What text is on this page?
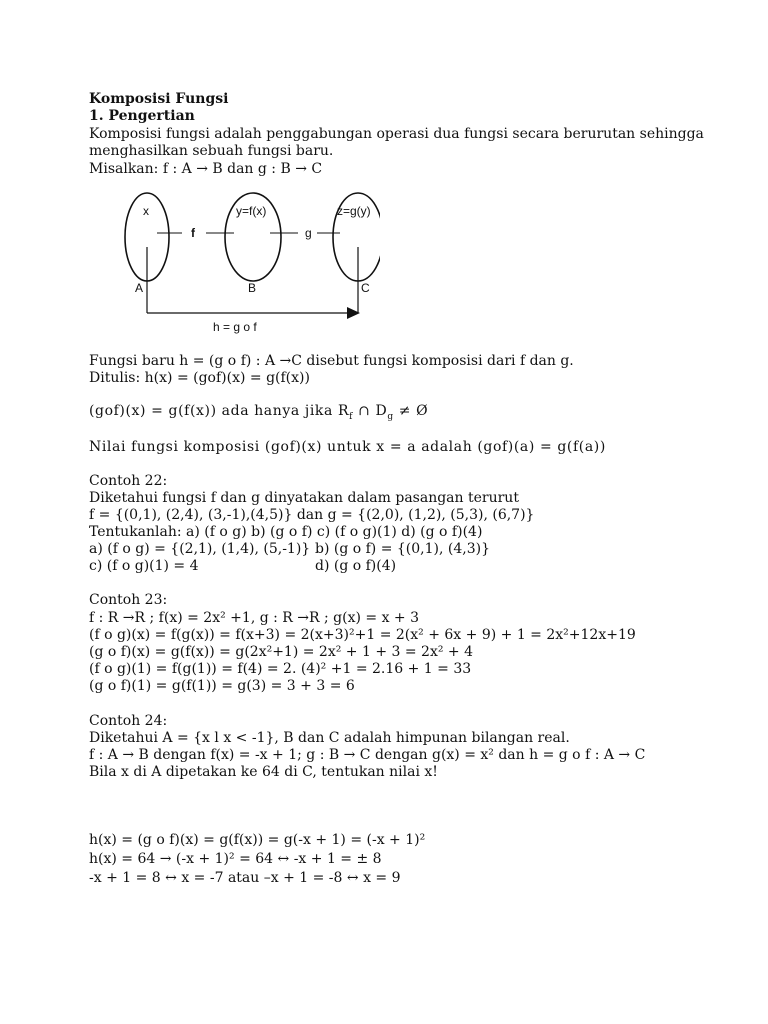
Komposisi Fungsi
1. Pengertian
Komposisi fungsi adalah penggabungan operasi dua fungsi secara berurutan sehingga
menghasilkan sebuah fungsi baru.
Misalkan: f : A → B dan g : B → C
x	y=f(x)	z=g(y)
f	g
A	B	C
h = g o f
Fungsi baru h = (g o f) : A →C disebut fungsi komposisi dari f dan g.
Ditulis: h(x) = (gof)(x) = g(f(x))
(gof)(x) = g(f(x)) ada hanya jika $R_f$ ∩ $D_g$ ≠ Ø
Nilai fungsi komposisi (gof)(x) untuk x = a adalah (gof)(a) = g(f(a))
Contoh 22:
Diketahui fungsi f dan g dinyatakan dalam pasangan terurut
f = {(0,1), (2,4), (3,-1),(4,5)} dan g = {(2,0), (1,2), (5,3), (6,7)}
Tentukanlah: a) (f o g) b) (g o f) c) (f o g)(1) d) (g o f)(4)
a) (f o g) = {(2,1), (1,4), (5,-1)} b) (g o f) = {(0,1), (4,3)}
c) (f o g)(1) = 4	d) (g o f)(4)
Contoh 23:
f : R →R ; f(x) = 2x² +1, g : R →R ; g(x) = x + 3
(f o g)(x) = f(g(x)) = f(x+3) = 2(x+3)²+1 = 2(x² + 6x + 9) + 1 = 2x²+12x+19
(g o f)(x) = g(f(x)) = g(2x²+1) = 2x² + 1 + 3 = 2x² + 4
(f o g)(1) = f(g(1)) = f(4) = 2. (4)² +1 = 2.16 + 1 = 33
(g o f)(1) = g(f(1)) = g(3) = 3 + 3 = 6
Contoh 24:
Diketahui A = {x l x < -1}, B dan C adalah himpunan bilangan real.
f : A → B dengan f(x) = -x + 1; g : B → C dengan g(x) = x² dan h = g o f : A → C
Bila x di A dipetakan ke 64 di C, tentukan nilai x!
h(x) = (g o f)(x) = g(f(x)) = g(-x + 1) = (-x + 1)²
h(x) = 64 → (-x + 1)² = 64 ↔ -x + 1 = ± 8
-x + 1 = 8 ↔ x = -7 atau –x + 1 = -8 ↔ x = 9
